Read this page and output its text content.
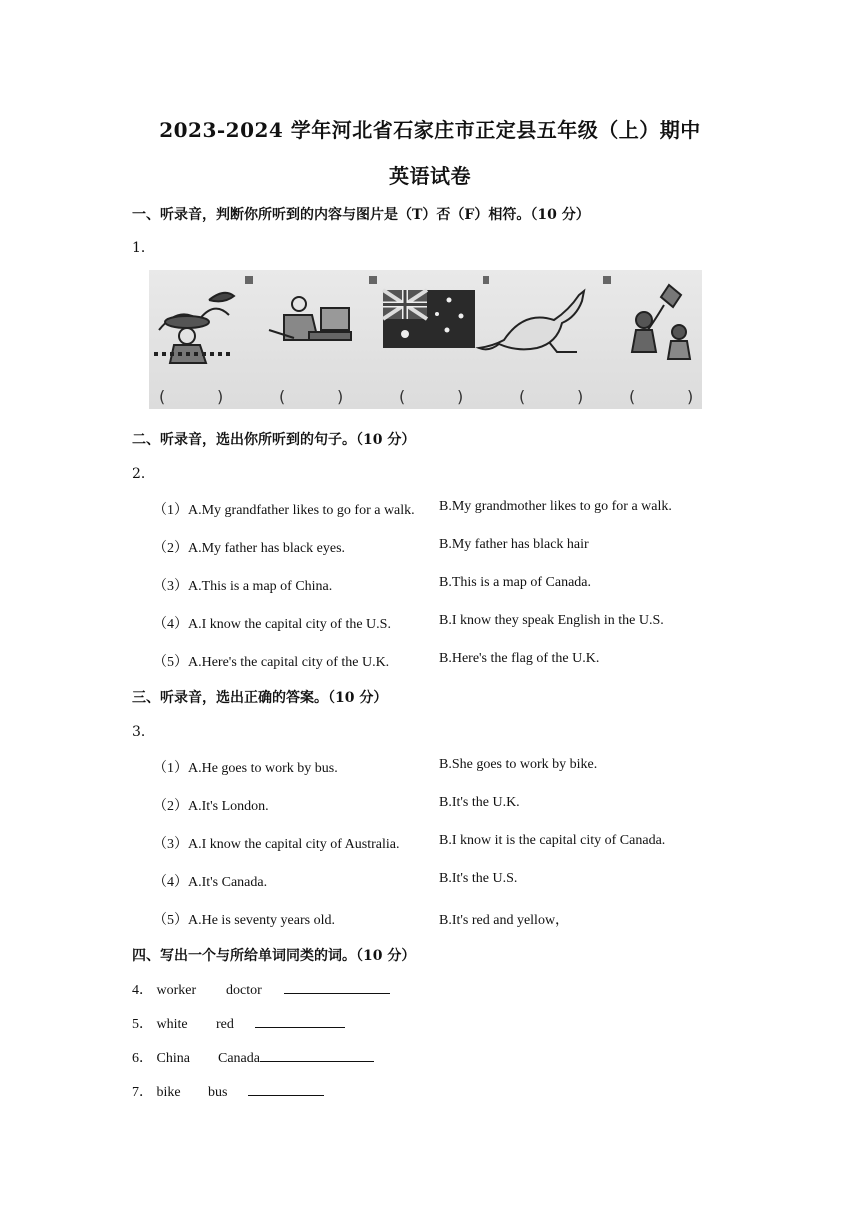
2023-2024 学年河北省石家庄市正定县五年级（上）期中
英语试卷
一、听录音，判断你所听到的内容与图片是（T）否（F）相符。（10 分）
1．
(	)	(	)	(	)	(	)	(	)
二、听录音，选出你所听到的句子。（10 分）
2．
（1）A.My grandfather likes to go for a walk. B.My grandmother likes to go for a walk.
（2）A.My father has black eyes.	B.My father has black hair
（3）A.This is a map of China.	B.This is a map of Canada.
（4）A.I know the capital city of the U.S.	B.I know they speak English in the U.S.
（5）A.Here's the capital city of the U.K.	B.Here's the flag of the U.K.
三、听录音，选出正确的答案。（10 分）
3．
（1）A.He goes to work by bus.	B.She goes to work by bike.
（2）A.It's London.	B.It's the U.K.
（3）A.I know the capital city of Australia.	B.I know it is the capital city of Canada.
（4）A.It's Canada.	B.It's the U.S.
（5）A.He is seventy years old.	B.It's red and yellow，
四、写出一个与所给单词同类的词。（10 分）
4． worker doctor
5． white red
6． China Canada
7． bike bus
